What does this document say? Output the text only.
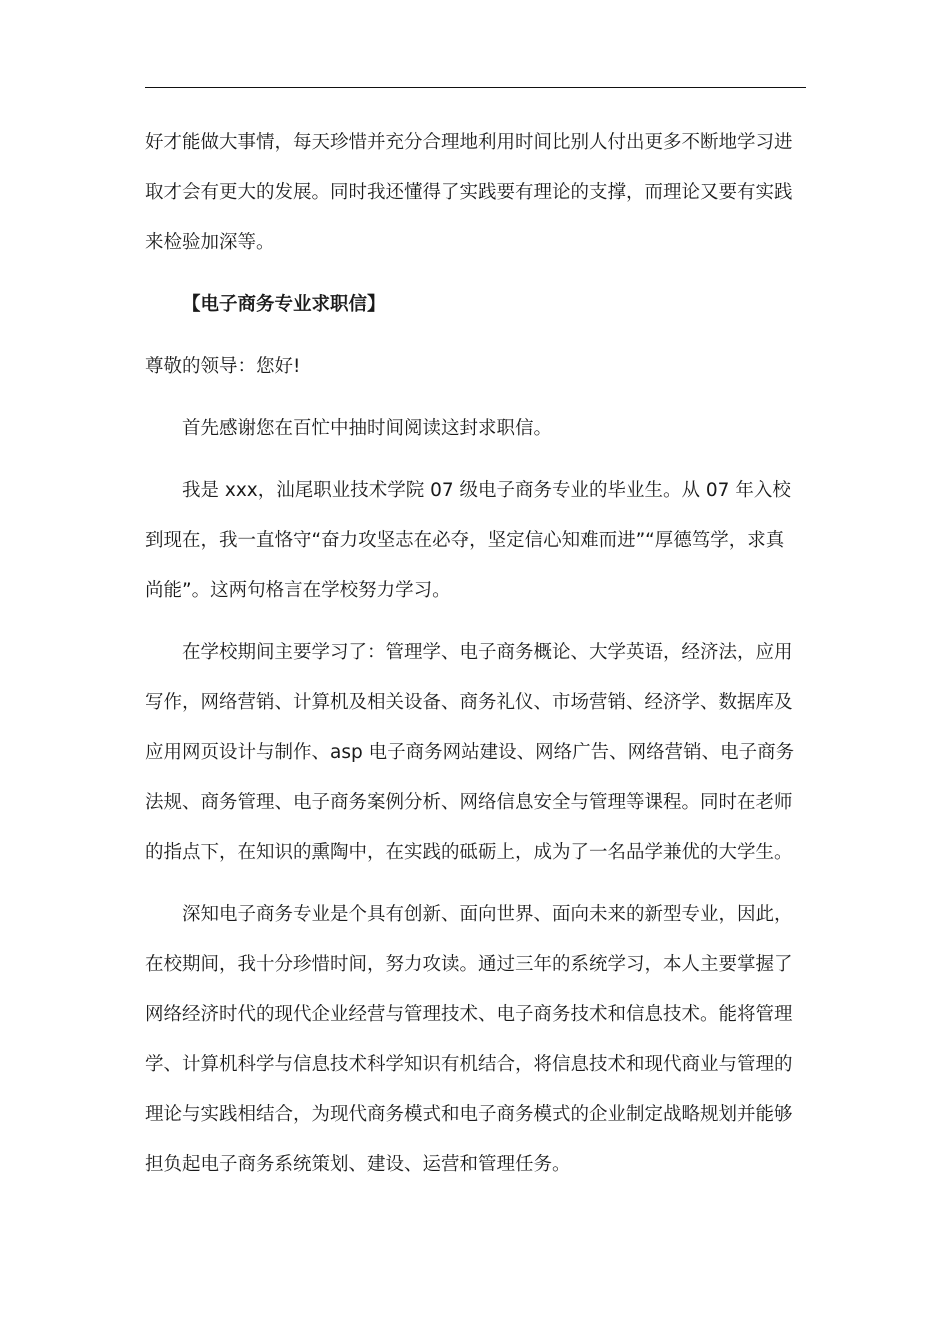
好才能做大事情，每天珍惜并充分合理地利用时间比别人付出更多不断地学习进取才会有更大的发展。同时我还懂得了实践要有理论的支撑，而理论又要有实践来检验加深等。

【电子商务专业求职信】

尊敬的领导：您好!

首先感谢您在百忙中抽时间阅读这封求职信。

我是 xxx，汕尾职业技术学院 07 级电子商务专业的毕业生。从 07 年入校到现在，我一直恪守“奋力攻坚志在必夺，坚定信心知难而进”“厚德笃学，求真尚能”。这两句格言在学校努力学习。

在学校期间主要学习了：管理学、电子商务概论、大学英语，经济法，应用写作，网络营销、计算机及相关设备、商务礼仪、市场营销、经济学、数据库及应用网页设计与制作、asp 电子商务网站建设、网络广告、网络营销、电子商务法规、商务管理、电子商务案例分析、网络信息安全与管理等课程。同时在老师的指点下，在知识的熏陶中，在实践的砥砺上，成为了一名品学兼优的大学生。

深知电子商务专业是个具有创新、面向世界、面向未来的新型专业，因此，在校期间，我十分珍惜时间，努力攻读。通过三年的系统学习，本人主要掌握了网络经济时代的现代企业经营与管理技术、电子商务技术和信息技术。能将管理学、计算机科学与信息技术科学知识有机结合，将信息技术和现代商业与管理的理论与实践相结合，为现代商务模式和电子商务模式的企业制定战略规划并能够担负起电子商务系统策划、建设、运营和管理任务。
